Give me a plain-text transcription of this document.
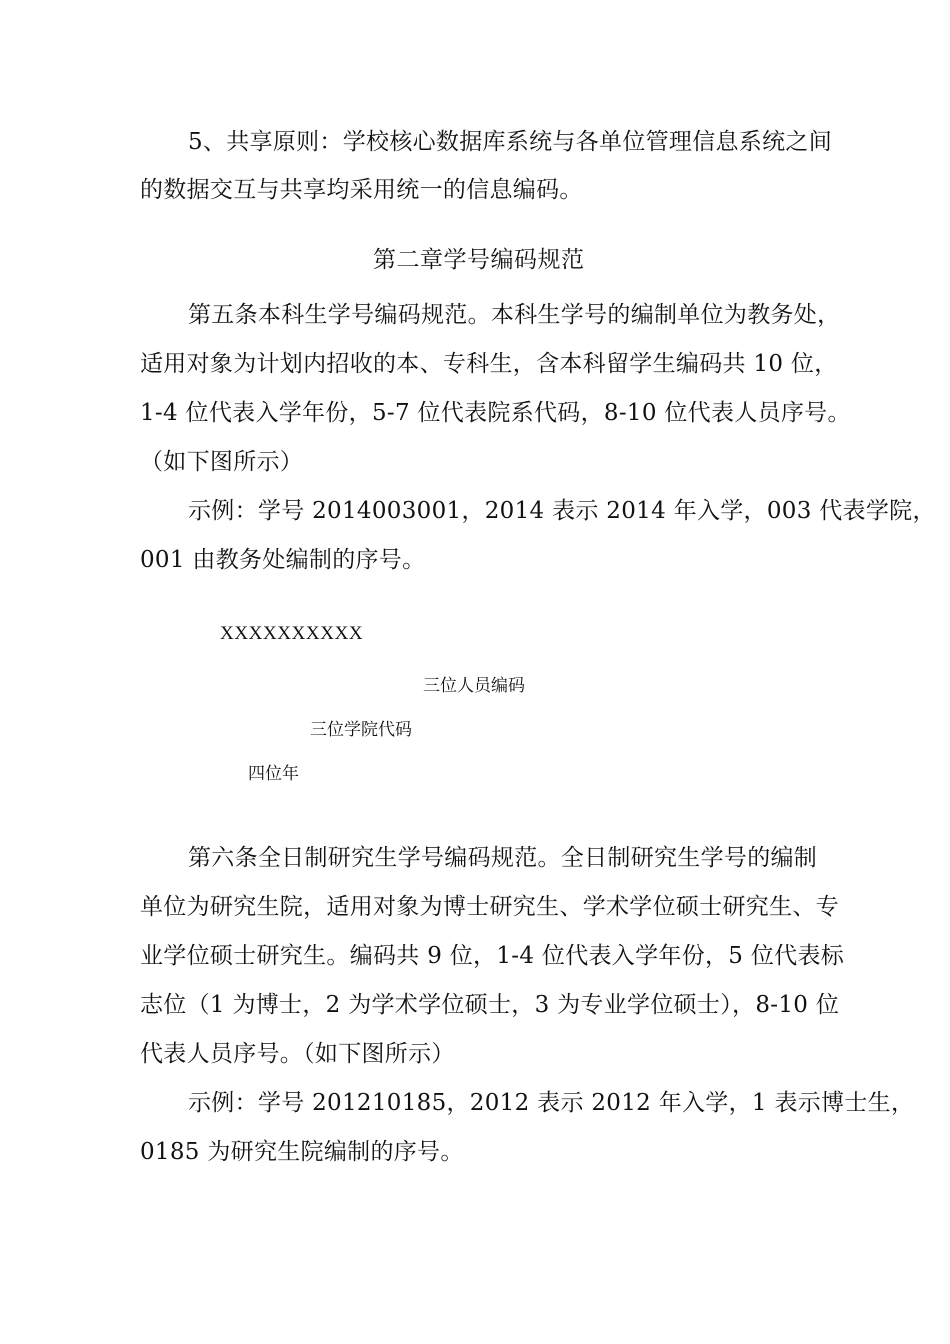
5、共享原则：学校核心数据库系统与各单位管理信息系统之间
的数据交互与共享均采用统一的信息编码。
第二章学号编码规范
第五条本科生学号编码规范。本科生学号的编制单位为教务处，
适用对象为计划内招收的本、专科生，含本科留学生编码共 10 位，
1-4 位代表入学年份，5-7 位代表院系代码，8-10 位代表人员序号。
（如下图所示）
示例：学号 2014003001，2014 表示 2014 年入学，003 代表学院，
001 由教务处编制的序号。
XXXXXXXXXX
三位人员编码
三位学院代码
四位年
第六条全日制研究生学号编码规范。全日制研究生学号的编制
单位为研究生院，适用对象为博士研究生、学术学位硕士研究生、专
业学位硕士研究生。编码共 9 位，1-4 位代表入学年份，5 位代表标
志位（1 为博士，2 为学术学位硕士，3 为专业学位硕士），8-10 位
代表人员序号。（如下图所示）
示例：学号 201210185，2012 表示 2012 年入学，1 表示博士生，
0185 为研究生院编制的序号。
